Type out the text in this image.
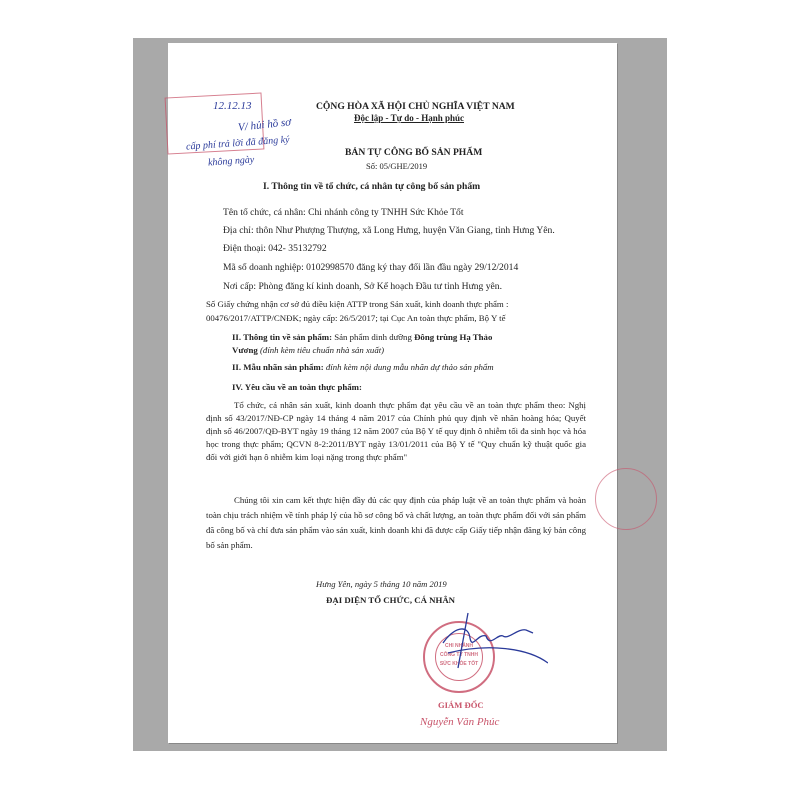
12.12.13
V/ hủi hồ sơ
cấp phí trả lời đã đăng ký
không ngày
CỘNG HÒA XÃ HỘI CHỦ NGHĨA VIỆT NAM
Độc lập - Tự do - Hạnh phúc
BẢN TỰ CÔNG BỐ SẢN PHẨM
Số: 05/GHE/2019
I. Thông tin về tổ chức, cá nhân tự công bố sản phẩm
Tên tổ chức, cá nhân: Chi nhánh công ty TNHH Sức Khỏe Tốt
Địa chỉ: thôn Như Phượng Thượng, xã Long Hưng, huyện Văn Giang, tỉnh Hưng Yên.
Điện thoại: 042- 35132792
Mã số doanh nghiệp: 0102998570 đăng ký thay đổi lần đầu ngày 29/12/2014
Nơi cấp: Phòng đăng kí kinh doanh, Sở Kế hoạch Đầu tư tỉnh Hưng yên.
Số Giấy chứng nhận cơ sở đủ điều kiện ATTP trong Sản xuất, kinh doanh thực phẩm :
00476/2017/ATTP/CNĐK; ngày cấp: 26/5/2017; tại Cục An toàn thực phẩm, Bộ Y tế
II. Thông tin về sản phẩm: Sản phẩm dinh dưỡng Đông trùng Hạ Thảo
Vương (đính kèm tiêu chuẩn nhà sản xuất)
II. Mẫu nhãn sản phẩm: đính kèm nội dung mẫu nhãn dự thảo sản phẩm
IV. Yêu cầu về an toàn thực phẩm:
Tổ chức, cá nhân sản xuất, kinh doanh thực phẩm đạt yêu cầu về an toàn thực phẩm theo: Nghị định số 43/2017/NĐ-CP ngày 14 tháng 4 năm 2017 của Chính phủ quy định về nhãn hoàng hóa; Quyết định số 46/2007/QĐ-BYT ngày 19 tháng 12 năm 2007 của Bộ Y tế quy định ô nhiễm tối đa sinh học và hóa học trong thực phẩm; QCVN 8-2:2011/BYT ngày 13/01/2011 của Bộ Y tế "Quy chuẩn kỹ thuật quốc gia đối với giới hạn ô nhiễm kim loại nặng trong thực phẩm"
Chúng tôi xin cam kết thực hiện đầy đủ các quy định của pháp luật về an toàn thực phẩm và hoàn toàn chịu trách nhiệm về tính pháp lý của hồ sơ công bố và chất lượng, an toàn thực phẩm đối với sản phẩm đã công bố và chỉ đưa sản phẩm vào sản xuất, kinh doanh khi đã được cấp Giấy tiếp nhận đăng ký bản công bố sản phẩm.
Hưng Yên, ngày 5 tháng 10 năm 2019
ĐẠI DIỆN TỔ CHỨC, CÁ NHÂN
CHI NHÁNH
CÔNG TY TNHH
SỨC KHỎE TỐT
GIÁM ĐỐC
Nguyễn Văn Phúc
